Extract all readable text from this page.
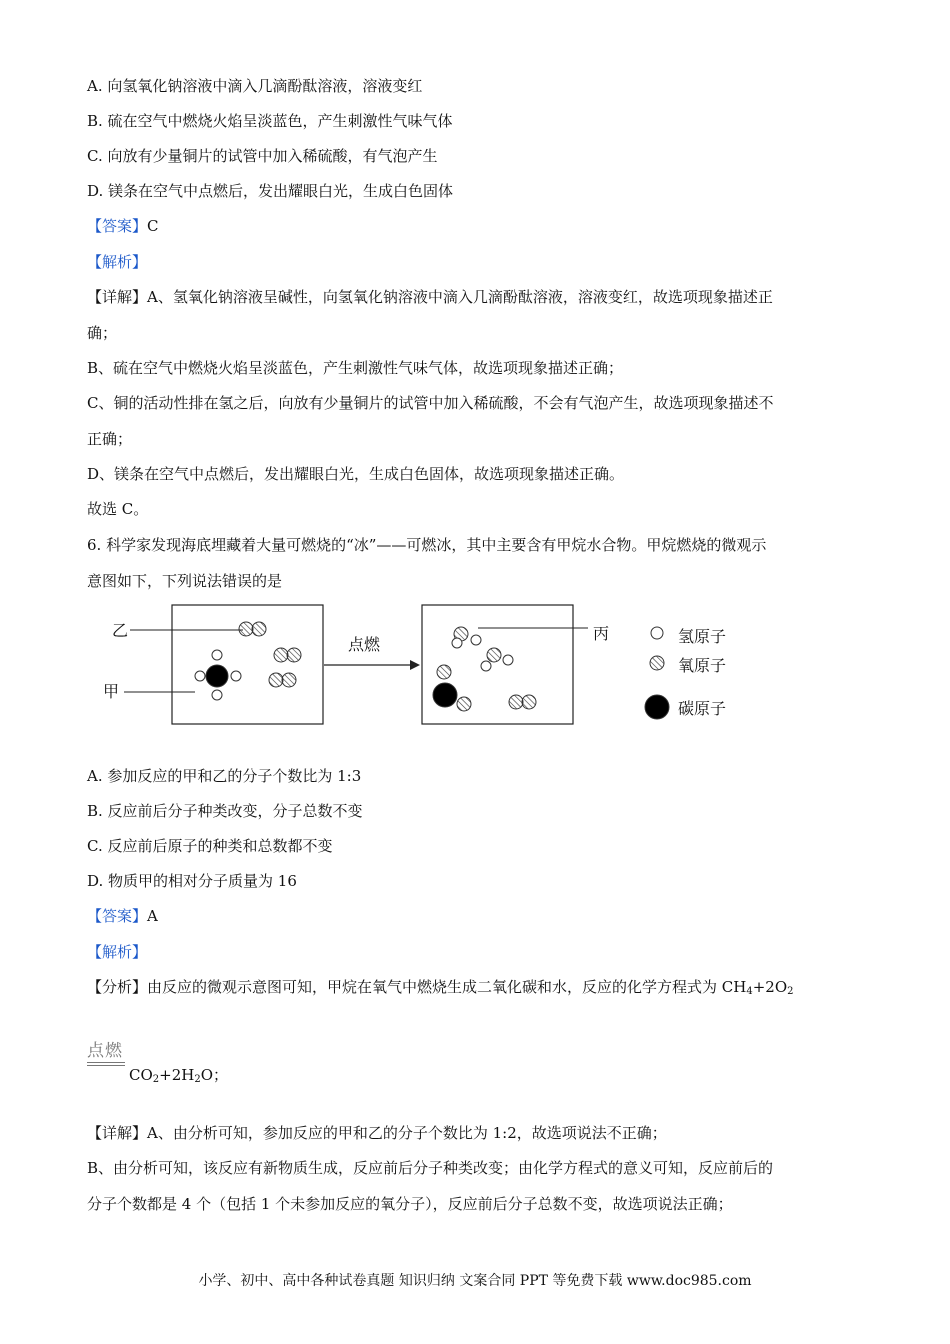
A. 向氢氧化钠溶液中滴入几滴酚酞溶液，溶液变红
B. 硫在空气中燃烧火焰呈淡蓝色，产生刺激性气味气体
C. 向放有少量铜片的试管中加入稀硫酸，有气泡产生
D. 镁条在空气中点燃后，发出耀眼白光，生成白色固体
【答案】C
【解析】
【详解】A、氢氧化钠溶液呈碱性，向氢氧化钠溶液中滴入几滴酚酞溶液，溶液变红，故选项现象描述正
确；
B、硫在空气中燃烧火焰呈淡蓝色，产生刺激性气味气体，故选项现象描述正确；
C、铜的活动性排在氢之后，向放有少量铜片的试管中加入稀硫酸，不会有气泡产生，故选项现象描述不
正确；
D、镁条在空气中点燃后，发出耀眼白光，生成白色固体，故选项现象描述正确。
故选 C。
6. 科学家发现海底埋藏着大量可燃烧的“冰”——可燃冰，其中主要含有甲烷水合物。甲烷燃烧的微观示
意图如下，下列说法错误的是
乙
甲
丙
点燃	氢原子
氧原子
碳原子
A. 参加反应的甲和乙的分子个数比为 1:3
B. 反应前后分子种类改变，分子总数不变
C. 反应前后原子的种类和总数都不变
D. 物质甲的相对分子质量为 16
【答案】A
【解析】
【分析】由反应的微观示意图可知，甲烷在氧气中燃烧生成二氧化碳和水，反应的化学方程式为 $CH_4+2O_2$
点燃
$CO_2+2H_2O$；
【详解】A、由分析可知，参加反应的甲和乙的分子个数比为 1:2，故选项说法不正确；
B、由分析可知，该反应有新物质生成，反应前后分子种类改变；由化学方程式的意义可知，反应前后的
分子个数都是 4 个（包括 1 个未参加反应的氧分子），反应前后分子总数不变，故选项说法正确；
小学、初中、高中各种试卷真题 知识归纳 文案合同 PPT 等免费下载 www.doc985.com
